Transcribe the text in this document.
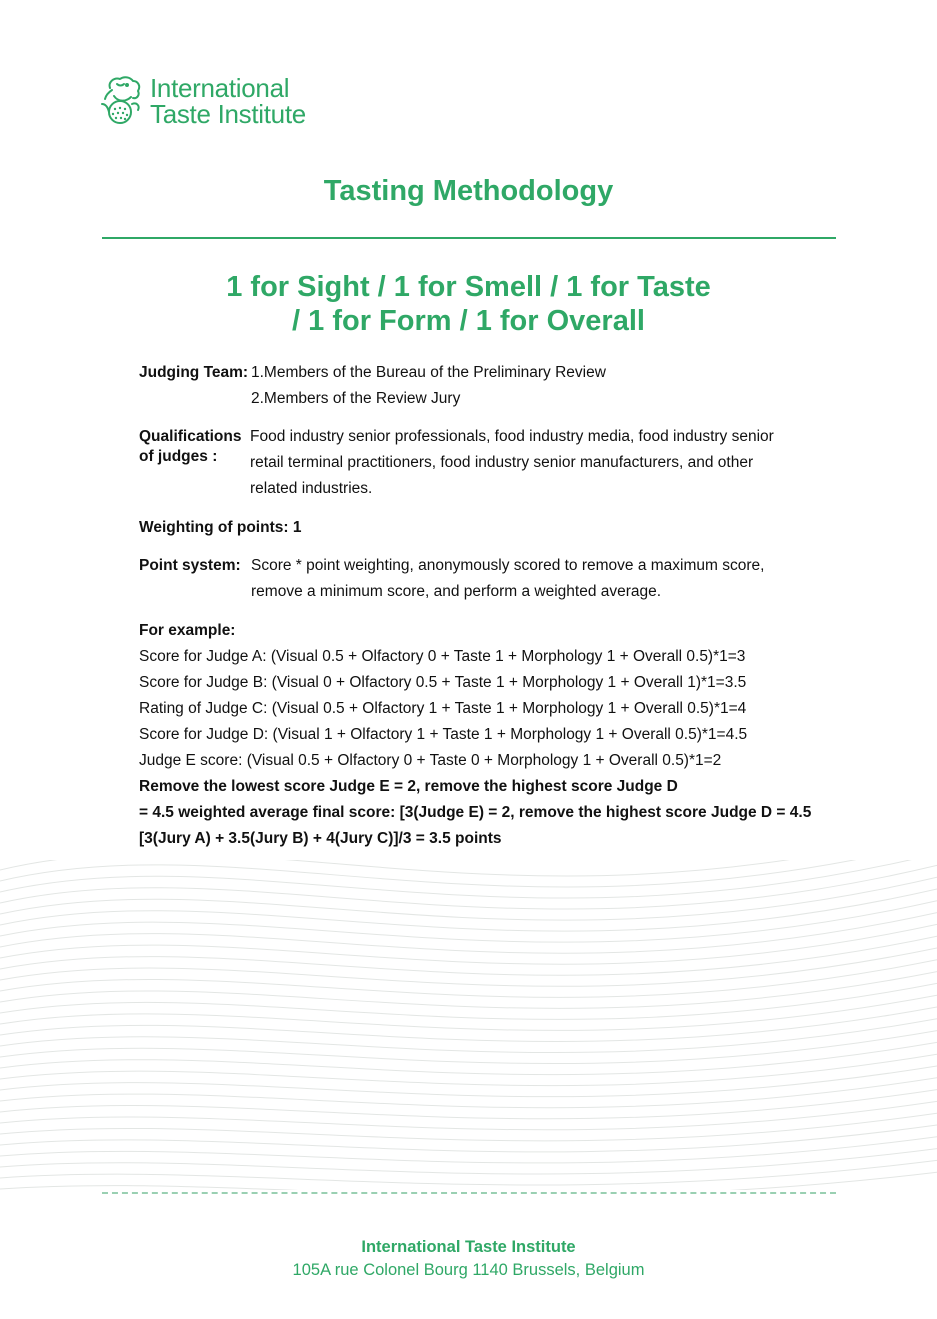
International
Taste Institute
Tasting Methodology
1 for Sight / 1 for Smell / 1 for Taste
/ 1 for Form / 1 for Overall
Judging Team: 1.Members of the Bureau of the Preliminary Review
2.Members of the Review Jury
Qualifications
of judges :
Food industry senior professionals, food industry media, food industry senior
retail terminal practitioners, food industry senior manufacturers, and other
related industries.
Weighting of points: 1
Point system: Score * point weighting, anonymously scored to remove a maximum score,
remove a minimum score, and perform a weighted average.
For example:
Score for Judge A: (Visual 0.5 + Olfactory 0 + Taste 1 + Morphology 1 + Overall 0.5)*1=3
Score for Judge B: (Visual 0 + Olfactory 0.5 + Taste 1 + Morphology 1 + Overall 1)*1=3.5
Rating of Judge C: (Visual 0.5 + Olfactory 1 + Taste 1 + Morphology 1 + Overall 0.5)*1=4
Score for Judge D: (Visual 1 + Olfactory 1 + Taste 1 + Morphology 1 + Overall 0.5)*1=4.5
Judge E score: (Visual 0.5 + Olfactory 0 + Taste 0 + Morphology 1 + Overall 0.5)*1=2
Remove the lowest score Judge E = 2, remove the highest score Judge D
= 4.5 weighted average final score: [3(Judge E) = 2, remove the highest score Judge D = 4.5
[3(Jury A) + 3.5(Jury B) + 4(Jury C)]/3 = 3.5 points
International Taste Institute
105A rue Colonel Bourg 1140 Brussels, Belgium
